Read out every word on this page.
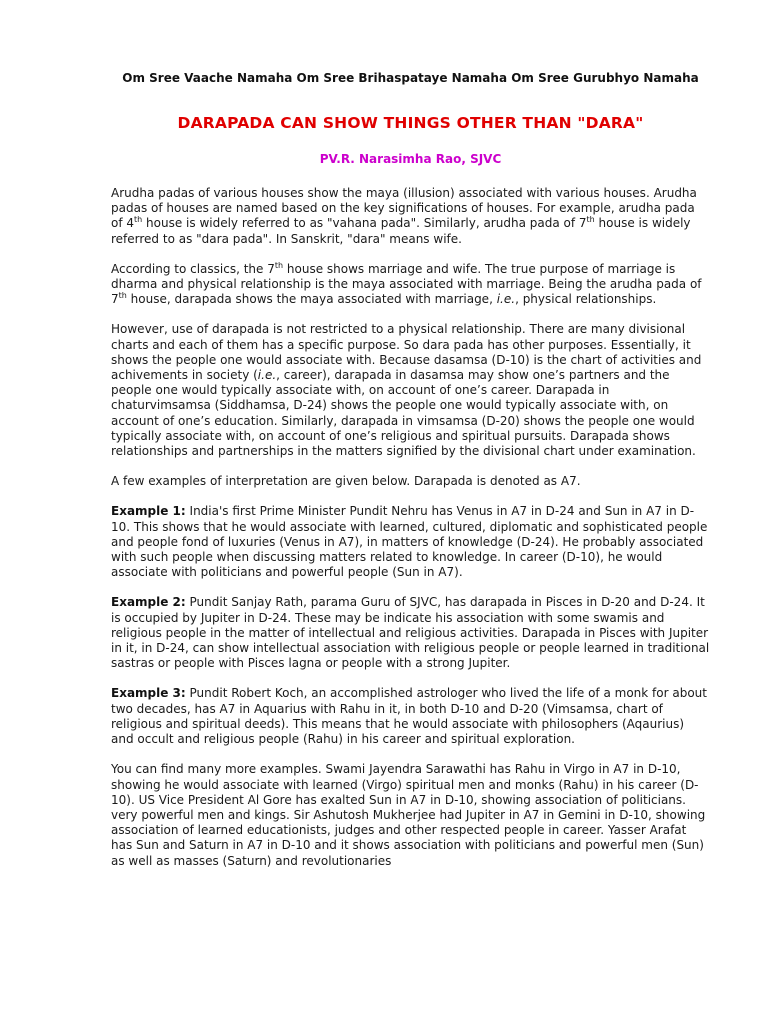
Om Sree Vaache Namaha Om Sree Brihaspataye Namaha Om Sree Gurubhyo Namaha
DARAPADA CAN SHOW THINGS OTHER THAN "DARA"
PV.R. Narasimha Rao, SJVC

Arudha padas of various houses show the maya (illusion) associated with various houses. Arudha padas of houses are named based on the key significations of houses. For example, arudha pada of 4th house is widely referred to as "vahana pada". Similarly, arudha pada of 7th house is widely referred to as "dara pada". In Sanskrit, "dara" means wife.

According to classics, the 7th house shows marriage and wife. The true purpose of marriage is dharma and physical relationship is the maya associated with marriage. Being the arudha pada of 7th house, darapada shows the maya associated with marriage, i.e., physical relationships.

However, use of darapada is not restricted to a physical relationship. There are many divisional charts and each of them has a specific purpose. So dara pada has other purposes. Essentially, it shows the people one would associate with. Because dasamsa (D-10) is the chart of activities and achivements in society (i.e., career), darapada in dasamsa may show one’s partners and the people one would typically associate with, on account of one’s career. Darapada in chaturvimsamsa (Siddhamsa, D-24) shows the people one would typically associate with, on account of one’s education. Similarly, darapada in vimsamsa (D-20) shows the people one would typically associate with, on account of one’s religious and spiritual pursuits. Darapada shows relationships and partnerships in the matters signified by the divisional chart under examination.

A few examples of interpretation are given below. Darapada is denoted as A7.

Example 1: India's first Prime Minister Pundit Nehru has Venus in A7 in D-24 and Sun in A7 in D-10. This shows that he would associate with learned, cultured, diplomatic and sophisticated people and people fond of luxuries (Venus in A7), in matters of knowledge (D-24). He probably associated with such people when discussing matters related to knowledge. In career (D-10), he would associate with politicians and powerful people (Sun in A7).

Example 2: Pundit Sanjay Rath, parama Guru of SJVC, has darapada in Pisces in D-20 and D-24. It is occupied by Jupiter in D-24. These may be indicate his association with some swamis and religious people in the matter of intellectual and religious activities. Darapada in Pisces with Jupiter in it, in D-24, can show intellectual association with religious people or people learned in traditional sastras or people with Pisces lagna or people with a strong Jupiter.

Example 3: Pundit Robert Koch, an accomplished astrologer who lived the life of a monk for about two decades, has A7 in Aquarius with Rahu in it, in both D-10 and D-20 (Vimsamsa, chart of religious and spiritual deeds). This means that he would associate with philosophers (Aqaurius) and occult and religious people (Rahu) in his career and spiritual exploration.

You can find many more examples. Swami Jayendra Sarawathi has Rahu in Virgo in A7 in D-10, showing he would associate with learned (Virgo) spiritual men and monks (Rahu) in his career (D-10). US Vice President Al Gore has exalted Sun in A7 in D-10, showing association of politicians. very powerful men and kings. Sir Ashutosh Mukherjee had Jupiter in A7 in Gemini in D-10, showing association of learned educationists, judges and other respected people in career. Yasser Arafat has Sun and Saturn in A7 in D-10 and it shows association with politicians and powerful men (Sun) as well as masses (Saturn) and revolutionaries
